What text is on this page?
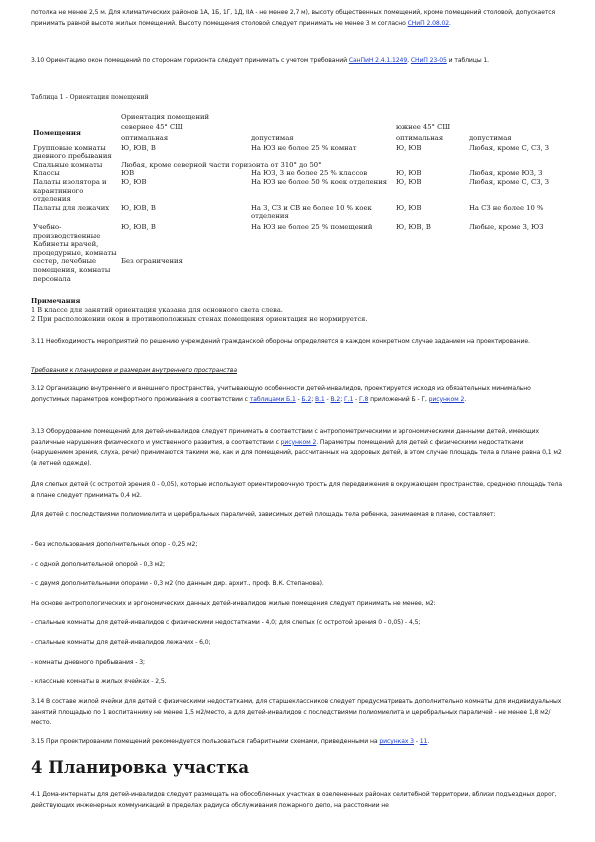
потолка не менее 2,5 м. Для климатических районов 1А, 1Б, 1Г, 1Д, IIA - не менее 2,7 м), высоту общественных помещений, кроме помещений столовой, допускается принимать равной высоте жилых помещений. Высоту помещения столовой следует принимать не менее 3 м согласно СНиП 2.08.02.

3.10 Ориентацию окон помещений по сторонам горизонта следует принимать с учетом требований СанПиН 2.4.1.1249, СНиП 23-05 и таблицы 1.

Таблица 1 - Ориентация помещений
	Ориентация помещений			
Помещения	севернее 45° СШ		южнее 45° СШ	
	оптимальная	допустимая	оптимальная	допустимая
Групповые комнаты дневного пребывания	Ю, ЮВ, В	На ЮЗ не более 25 % комнат	Ю, ЮВ	Любая, кроме С, СЗ, З
Спальные комнаты	Любая, кроме северной части горизонта от 310° до 50°			
Классы	ЮВ	На ЮЗ, З не более 25 % классов	Ю, ЮВ	Любая, кроме ЮЗ, З
Палаты изолятора и карантинного отделения	Ю, ЮВ	На ЮЗ не более 50 % коек отделения	Ю, ЮВ	Любая, кроме С, СЗ, З
Палаты для лежачих	Ю, ЮВ, В	На З, СЗ и СВ не более 10 % коек отделения	Ю, ЮВ	На СЗ не более 10 %
Учебно-производственные	Ю, ЮВ, В	На ЮЗ не более 25 % помещений	Ю, ЮВ, В	Любые, кроме З, ЮЗ
Кабинеты врачей, процедурные, комнаты сестер, лечебные помещения, комнаты персонала	Без ограничения			
Примечания
1 В классе для занятий ориентация указана для основного света слева.
2 При расположении окон в противоположных стенах помещения ориентация не нормируется.

3.11 Необходимость мероприятий по решению учреждений гражданской обороны определяется в каждом конкретном случае заданием на проектирование.

Требования к планировке и размерам внутреннего пространства

3.12 Организацию внутреннего и внешнего пространства, учитывающую особенности детей-инвалидов, проектируется исходя из обязательных минимально допустимых параметров комфортного проживания в соответствии с таблицами Б.1 - Б.2; В.1 - В.2; Г.1 - Г.8 приложений Б - Г, рисунком 2.

3.13 Оборудование помещений для детей-инвалидов следует принимать в соответствии с антропометрическими и эргономическими данными детей, имеющих различные нарушения физического и умственного развития, в соответствии с рисунком 2. Параметры помещений для детей с физическими недостатками (нарушением зрения, слуха, речи) принимаются такими же, как и для помещений, рассчитанных на здоровых детей, в этом случае площадь тела в плане равна 0,1 м2 (в летней одежде).

Для слепых детей (с остротой зрения 0 - 0,05), которые используют ориентировочную трость для передвижения в окружающем пространстве, среднюю площадь тела в плане следует принимать 0,4 м2.

Для детей с последствиями полиомиелита и церебральных параличей, зависимых детей площадь тела ребенка, занимаемая в плане, составляет:

- без использования дополнительных опор - 0,25 м2;

- с одной дополнительной опорой - 0,3 м2;

- с двумя дополнительными опорами - 0,3 м2 (по данным дир. архит., проф. В.К. Степанова).

На основе антропологических и эргономических данных детей-инвалидов жилые помещения следует принимать не менее, м2:

- спальные комнаты для детей-инвалидов с физическими недостатками - 4,0; для слепых (с остротой зрения 0 - 0,05) - 4,5;

- спальные комнаты для детей-инвалидов лежачих - 6,0;

- комнаты дневного пребывания - 3;

- классные комнаты в жилых ячейках - 2,5.

3.14 В составе жилой ячейки для детей с физическими недостатками, для старшеклассников следует предусматривать дополнительно комнаты для индивидуальных занятий площадью по 1 воспитаннику не менее 1,5 м2/место, а для детей-инвалидов с последствиями полиомиелита и церебральных параличей - не менее 1,8 м2/место.

3.15 При проектировании помещений рекомендуется пользоваться габаритными схемами, приведенными на рисунках 3 - 11.

4 Планировка участка

4.1 Дома-интернаты для детей-инвалидов следует размещать на обособленных участках в озелененных районах селитебной территории, вблизи подъездных дорог, действующих инженерных коммуникаций в пределах радиуса обслуживания пожарного депо, на расстоянии не
